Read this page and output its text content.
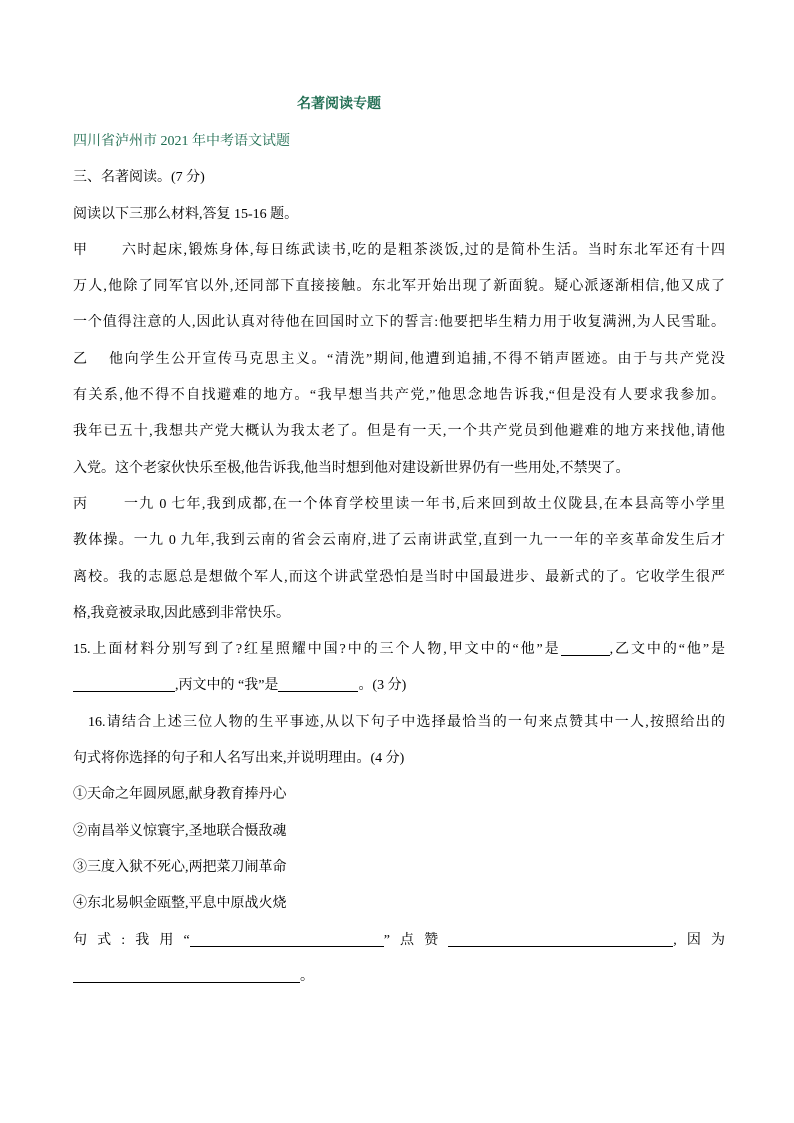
名著阅读专题
四川省泸州市 2021 年中考语文试题
三、名著阅读。(7 分)
阅读以下三那么材料,答复 15-16 题。
甲	六时起床,锻炼身体,每日练武读书,吃的是粗茶淡饭,过的是简朴生活。当时东北军还有十四
万人,他除了同军官以外,还同部下直接接触。东北军开始出现了新面貌。疑心派逐渐相信,他又成了
一个值得注意的人,因此认真对待他在回国时立下的誓言:他要把毕生精力用于收复满洲,为人民雪耻。
乙	他向学生公开宣传马克思主义。“清洗”期间,他遭到追捕,不得不销声匿迹。由于与共产党没
有关系,他不得不自找避难的地方。“我早想当共产党,”他思念地告诉我,“但是没有人要求我参加。
我年已五十,我想共产党大概认为我太老了。但是有一天,一个共产党员到他避难的地方来找他,请他
入党。这个老家伙快乐至极,他告诉我,他当时想到他对建设新世界仍有一些用处,不禁哭了。
丙	一九 0 七年,我到成都,在一个体育学校里读一年书,后来回到故土仪陇县,在本县高等小学里
教体操。一九 0 九年,我到云南的省会云南府,进了云南讲武堂,直到一九一一年的辛亥革命发生后才
离校。我的志愿总是想做个军人,而这个讲武堂恐怕是当时中国最进步、最新式的了。它收学生很严
格,我竟被录取,因此感到非常快乐。
15.上面材料分别写到了?红星照耀中国?中的三个人物,甲文中的“他”是	,乙文中的“他”是
,丙文中的 “我”是	。(3 分)
16.请结合上述三位人物的生平事迹,从以下句子中选择最恰当的一句来点赞其中一人,按照给出的
句式将你选择的句子和人名写出来,并说明理由。(4 分)
①天命之年圆夙愿,献身教育捧丹心
②南昌举义惊寰宇,圣地联合慑敌魂
③三度入狱不死心,两把菜刀闹革命
④东北易帜金瓯整,平息中原战火烧
句式:我用“	”点赞	,因为
。
